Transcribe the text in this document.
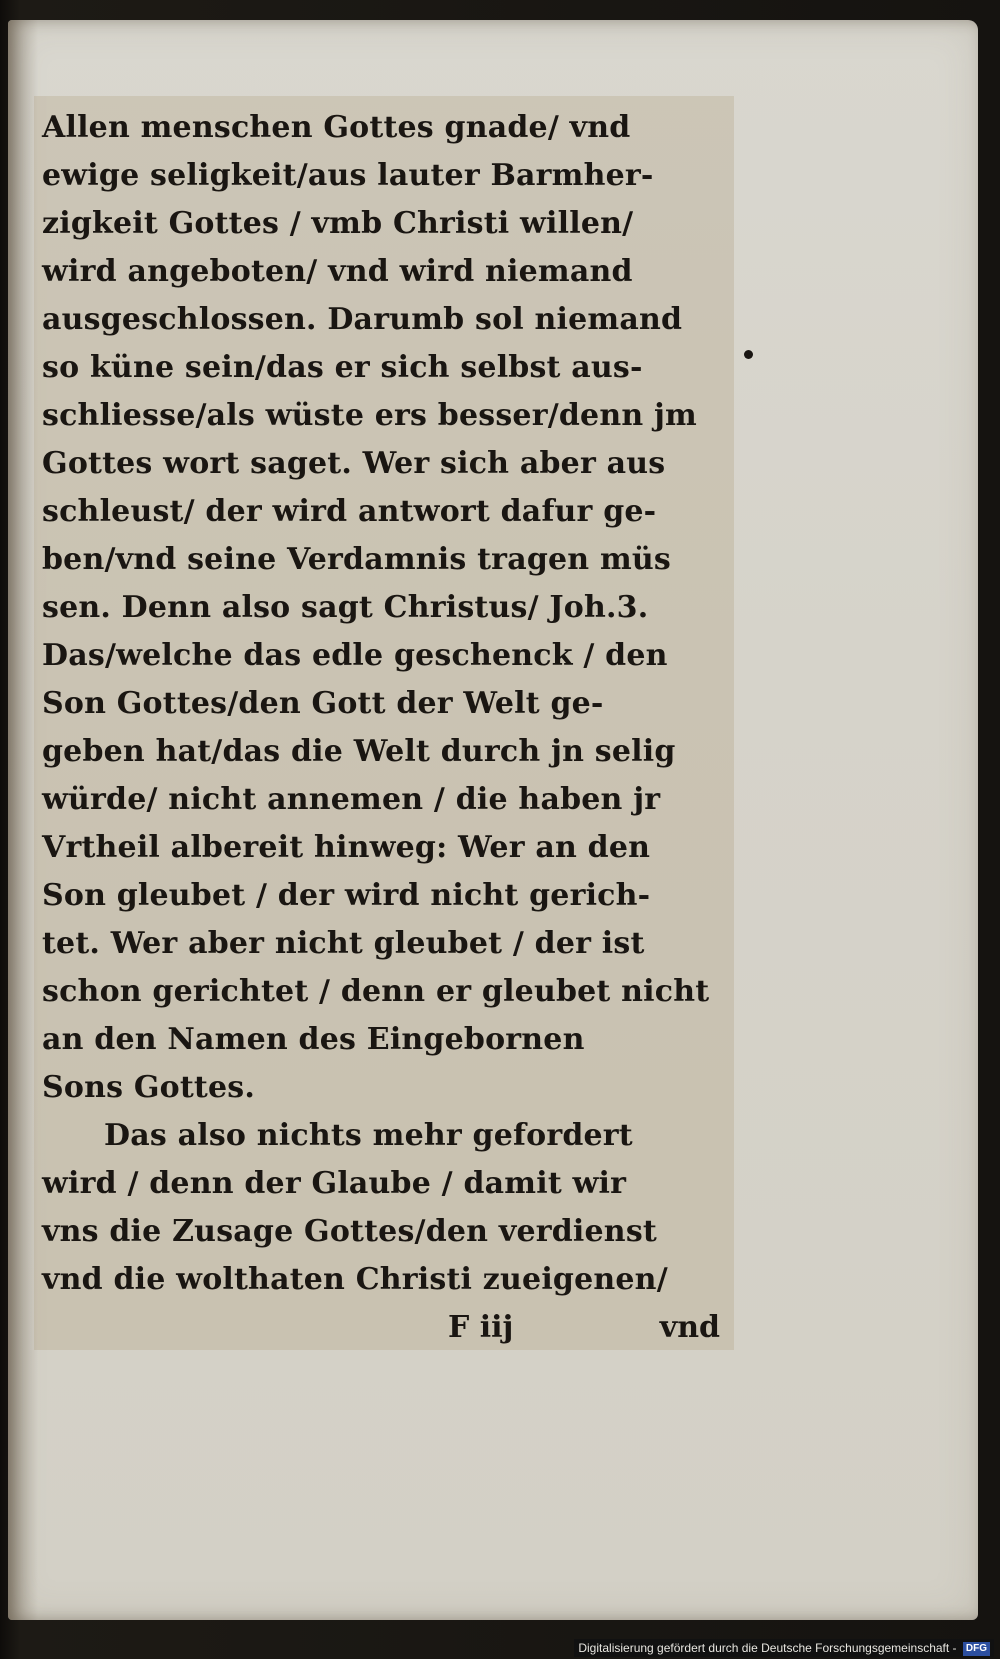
Allen menschen Gottes gnade/ vnd
ewige seligkeit/aus lauter Barmher-
zigkeit Gottes / vmb Christi willen/
wird angeboten/ vnd wird niemand
ausgeschlossen. Darumb sol niemand
so küne sein/das er sich selbst aus-
schliesse/als wüste ers besser/denn jm
Gottes wort saget. Wer sich aber aus
schleust/ der wird antwort dafur ge-
ben/vnd seine Verdamnis tragen müs
sen. Denn also sagt Christus/ Joh.3.
Das/welche das edle geschenck / den
Son Gottes/den Gott der Welt ge-
geben hat/das die Welt durch jn selig
würde/ nicht annemen / die haben jr
Vrtheil albereit hinweg: Wer an den
Son gleubet / der wird nicht gerich-
tet. Wer aber nicht gleubet / der ist
schon gerichtet / denn er gleubet nicht
an den Namen des Eingebornen
Sons Gottes.
Das also nichts mehr gefordert
wird / denn der Glaube / damit wir
vns die Zusage Gottes/den verdienst
vnd die wolthaten Christi zueigenen/
F iij	vnd
Digitalisierung gefördert durch die Deutsche Forschungsgemeinschaft - DFG
